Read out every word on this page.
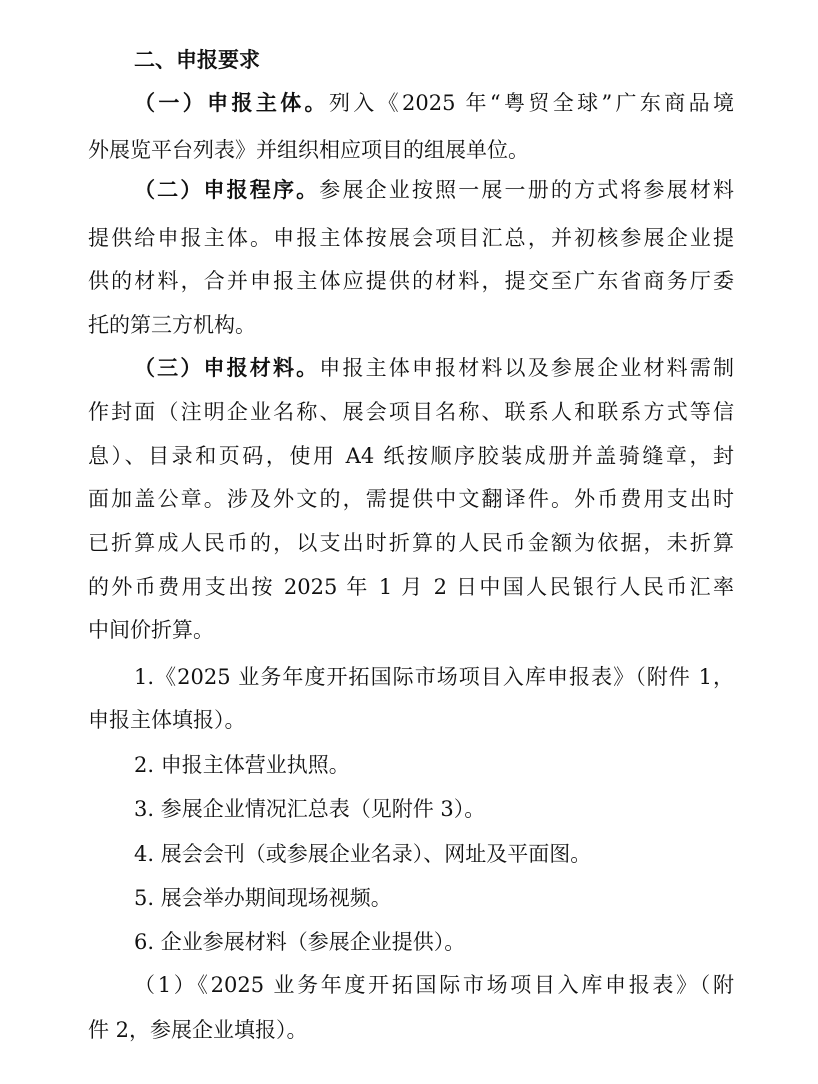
二、申报要求
（一）申报主体。列入《2025 年“粤贸全球”广东商品境
外展览平台列表》并组织相应项目的组展单位。
（二）申报程序。参展企业按照一展一册的方式将参展材料
提供给申报主体。申报主体按展会项目汇总，并初核参展企业提
供的材料，合并申报主体应提供的材料，提交至广东省商务厅委
托的第三方机构。
（三）申报材料。申报主体申报材料以及参展企业材料需制
作封面（注明企业名称、展会项目名称、联系人和联系方式等信
息）、目录和页码，使用 A4 纸按顺序胶装成册并盖骑缝章，封
面加盖公章。涉及外文的，需提供中文翻译件。外币费用支出时
已折算成人民币的，以支出时折算的人民币金额为依据，未折算
的外币费用支出按 2025 年 1 月 2 日中国人民银行人民币汇率
中间价折算。
1.《2025 业务年度开拓国际市场项目入库申报表》（附件 1，
申报主体填报）。
2. 申报主体营业执照。
3. 参展企业情况汇总表（见附件 3）。
4. 展会会刊（或参展企业名录）、网址及平面图。
5. 展会举办期间现场视频。
6. 企业参展材料（参展企业提供）。
（1）《2025 业务年度开拓国际市场项目入库申报表》（附
件 2，参展企业填报）。
